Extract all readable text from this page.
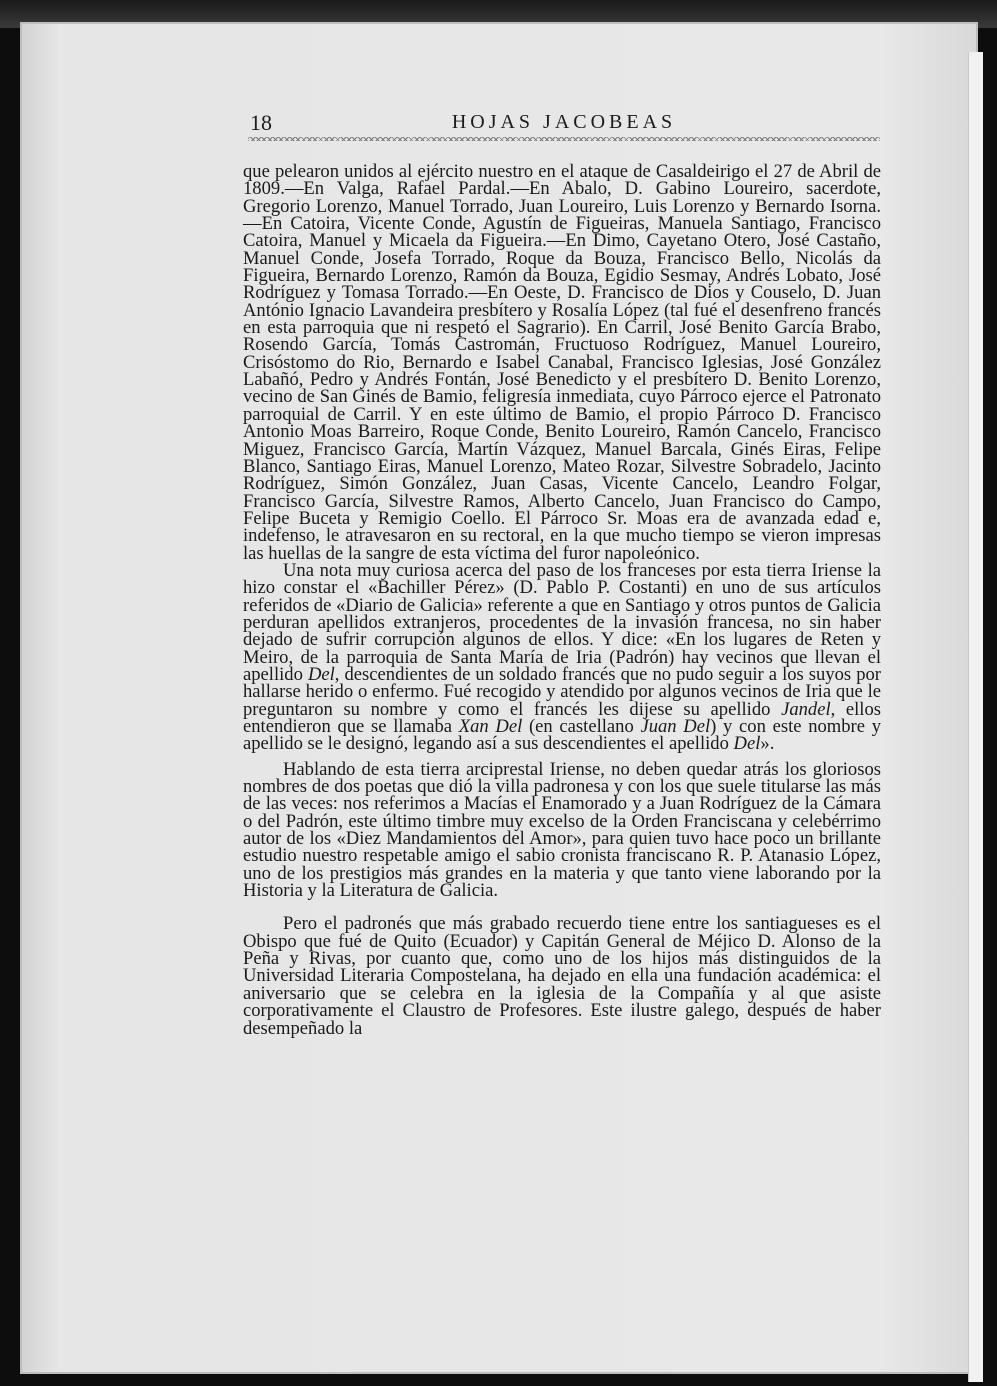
18	HOJAS JACOBEAS

que pelearon unidos al ejército nuestro en el ataque de Casaldeirigo el 27 de Abril de 1809.—En Valga, Rafael Pardal.—En Abalo, D. Gabino Loureiro, sacerdote, Gregorio Lorenzo, Manuel Torrado, Juan Loureiro, Luis Lorenzo y Bernardo Isorna.—En Catoira, Vicente Conde, Agustín de Figueiras, Manuela Santiago, Francisco Catoira, Manuel y Micaela da Figueira.—En Dimo, Cayetano Otero, José Castaño, Manuel Conde, Josefa Torrado, Roque da Bouza, Francisco Bello, Nicolás da Figueira, Bernardo Lorenzo, Ramón da Bouza, Egidio Sesmay, Andrés Lobato, José Rodríguez y Tomasa Torrado.—En Oeste, D. Francisco de Dios y Couselo, D. Juan António Ignacio Lavandeira presbítero y Rosalía López (tal fué el desenfreno francés en esta parroquia que ni respetó el Sagrario). En Carril, José Benito García Brabo, Rosendo García, Tomás Castromán, Fructuoso Rodríguez, Manuel Loureiro, Crisóstomo do Rio, Bernardo e Isabel Canabal, Francisco Iglesias, José González Labañó, Pedro y Andrés Fontán, José Benedicto y el presbítero D. Benito Lorenzo, vecino de San Ginés de Bamio, feligresía inmediata, cuyo Párroco ejerce el Patronato parroquial de Carril. Y en este último de Bamio, el propio Párroco D. Francisco Antonio Moas Barreiro, Roque Conde, Benito Loureiro, Ramón Cancelo, Francisco Miguez, Francisco García, Martín Vázquez, Manuel Barcala, Ginés Eiras, Felipe Blanco, Santiago Eiras, Manuel Lorenzo, Mateo Rozar, Silvestre Sobradelo, Jacinto Rodríguez, Simón González, Juan Casas, Vicente Cancelo, Leandro Folgar, Francisco García, Silvestre Ramos, Alberto Cancelo, Juan Francisco do Campo, Felipe Buceta y Remigio Coello. El Párroco Sr. Moas era de avanzada edad e, indefenso, le atravesaron en su rectoral, en la que mucho tiempo se vieron impresas las huellas de la sangre de esta víctima del furor napoleónico.

Una nota muy curiosa acerca del paso de los franceses por esta tierra Iriense la hizo constar el «Bachiller Pérez» (D. Pablo P. Costanti) en uno de sus artículos referidos de «Diario de Galicia» referente a que en Santiago y otros puntos de Galicia perduran apellidos extranjeros, procedentes de la invasión francesa, no sin haber dejado de sufrir corrupción algunos de ellos. Y dice: «En los lugares de Reten y Meiro, de la parroquia de Santa María de Iria (Padrón) hay vecinos que llevan el apellido Del, descendientes de un soldado francés que no pudo seguir a los suyos por hallarse herido o enfermo. Fué recogido y atendido por algunos vecinos de Iria que le preguntaron su nombre y como el francés les dijese su apellido Jandel, ellos entendieron que se llamaba Xan Del (en castellano Juan Del) y con este nombre y apellido se le designó, legando así a sus descendientes el apellido Del».

Hablando de esta tierra arciprestal Iriense, no deben quedar atrás los gloriosos nombres de dos poetas que dió la villa padronesa y con los que suele titularse las más de las veces: nos referimos a Macías el Enamorado y a Juan Rodríguez de la Cámara o del Padrón, este último timbre muy excelso de la Orden Franciscana y celebérrimo autor de los «Diez Mandamientos del Amor», para quien tuvo hace poco un brillante estudio nuestro respetable amigo el sabio cronista franciscano R. P. Atanasio López, uno de los prestigios más grandes en la materia y que tanto viene laborando por la Historia y la Literatura de Galicia.

Pero el padronés que más grabado recuerdo tiene entre los santiagueses es el Obispo que fué de Quito (Ecuador) y Capitán General de Méjico D. Alonso de la Peña y Rivas, por cuanto que, como uno de los hijos más distinguidos de la Universidad Literaria Compostelana, ha dejado en ella una fundación académica: el aniversario que se celebra en la iglesia de la Compañía y al que asiste corporativamente el Claustro de Profesores. Este ilustre galego, después de haber desempeñado la
